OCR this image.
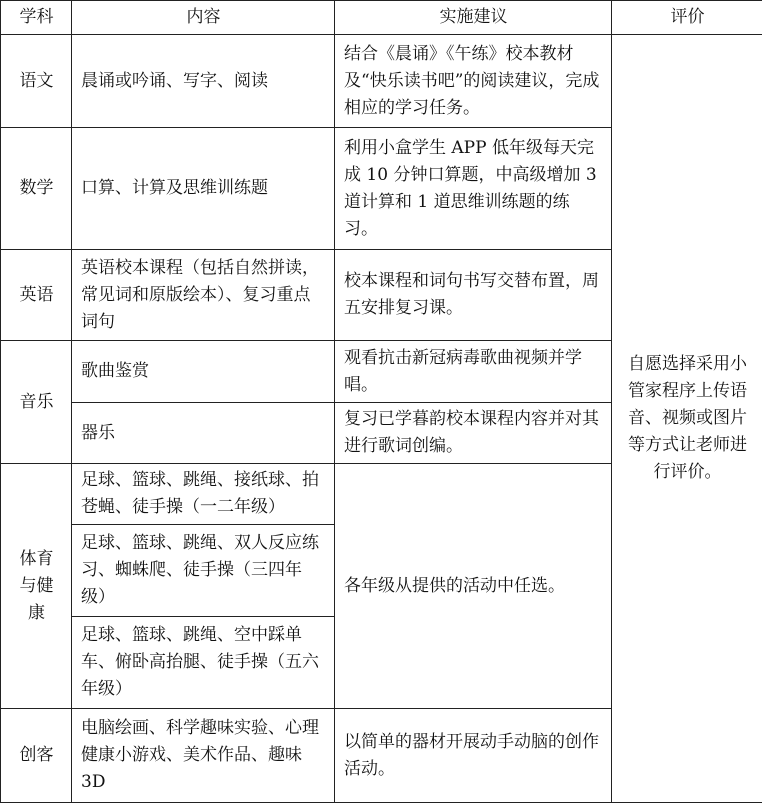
学科	内容	实施建议	评价
语文	晨诵或吟诵、写字、阅读	结合《晨诵》《午练》校本教材及“快乐读书吧”的阅读建议，完成相应的学习任务。	自愿选择采用小管家程序上传语音、视频或图片等方式让老师进行评价。
数学	口算、计算及思维训练题	利用小盒学生 APP 低年级每天完成 10 分钟口算题，中高级增加 3 道计算和 1 道思维训练题的练习。	
英语	英语校本课程（包括自然拼读，常见词和原版绘本）、复习重点词句	校本课程和词句书写交替布置，周五安排复习课。	
音乐	歌曲鉴赏	观看抗击新冠病毒歌曲视频并学唱。	
	器乐	复习已学暮韵校本课程内容并对其进行歌词创编。	

体育
与健
康	足球、篮球、跳绳、接纸球、拍苍蝇、徒手操（一二年级）	各年级从提供的活动中任选。	
	足球、篮球、跳绳、双人反应练习、蜘蛛爬、徒手操（三四年级）		
	足球、篮球、跳绳、空中踩单车、俯卧高抬腿、徒手操（五六年级）		
创客	电脑绘画、科学趣味实验、心理健康小游戏、美术作品、趣味 3D	以简单的器材开展动手动脑的创作活动。	
